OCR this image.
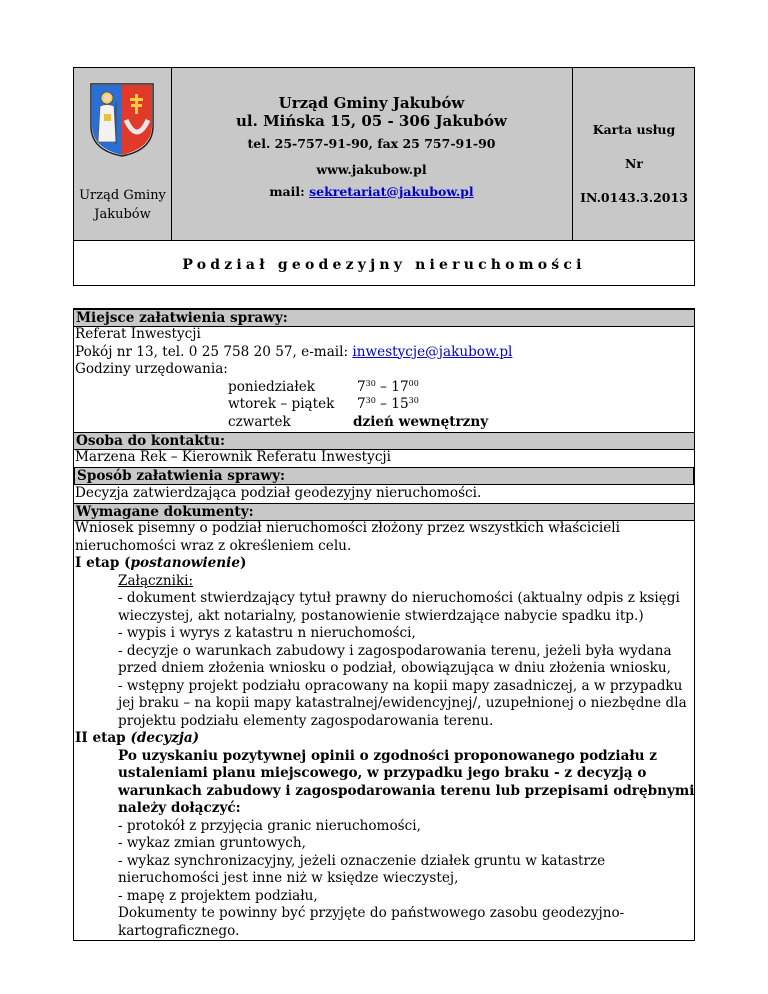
Urząd Gminy
Jakubów
Urząd Gminy Jakubów
ul. Mińska 15, 05 - 306 Jakubów
tel. 25-757-91-90, fax 25 757-91-90
www.jakubow.pl
mail: sekretariat@jakubow.pl
Karta usług
Nr
IN.0143.3.2013
Podział geodezyjny nieruchomości
Miejsce załatwienia sprawy:
Referat Inwestycji
Pokój nr 13, tel. 0 25 758 20 57, e-mail: inwestycje@jakubow.pl
Godziny urzędowania:
poniedziałek	$7^{30} - 17^{00}$
wtorek – piątek $7^{30} - 15^{30}$
czwartek	dzień wewnętrzny
Osoba do kontaktu:
Marzena Rek – Kierownik Referatu Inwestycji
Sposób załatwienia sprawy:
Decyzja zatwierdzająca podział geodezyjny nieruchomości.
Wymagane dokumenty:
Wniosek pisemny o podział nieruchomości złożony przez wszystkich właścicieli
nieruchomości wraz z określeniem celu.
I etap (postanowienie)
Załączniki:
- dokument stwierdzający tytuł prawny do nieruchomości (aktualny odpis z księgi
wieczystej, akt notarialny, postanowienie stwierdzające nabycie spadku itp.)
- wypis i wyrys z katastru n nieruchomości,
- decyzje o warunkach zabudowy i zagospodarowania terenu, jeżeli była wydana
przed dniem złożenia wniosku o podział, obowiązująca w dniu złożenia wniosku,
- wstępny projekt podziału opracowany na kopii mapy zasadniczej, a w przypadku
jej braku – na kopii mapy katastralnej/ewidencyjnej/, uzupełnionej o niezbędne dla
projektu podziału elementy zagospodarowania terenu.
II etap (decyzja)
Po uzyskaniu pozytywnej opinii o zgodności proponowanego podziału z
ustaleniami planu miejscowego, w przypadku jego braku - z decyzją o
warunkach zabudowy i zagospodarowania terenu lub przepisami odrębnymi
należy dołączyć:
- protokół z przyjęcia granic nieruchomości,
- wykaz zmian gruntowych,
- wykaz synchronizacyjny, jeżeli oznaczenie działek gruntu w katastrze
nieruchomości jest inne niż w księdze wieczystej,
- mapę z projektem podziału,
Dokumenty te powinny być przyjęte do państwowego zasobu geodezyjno-
kartograficznego.
